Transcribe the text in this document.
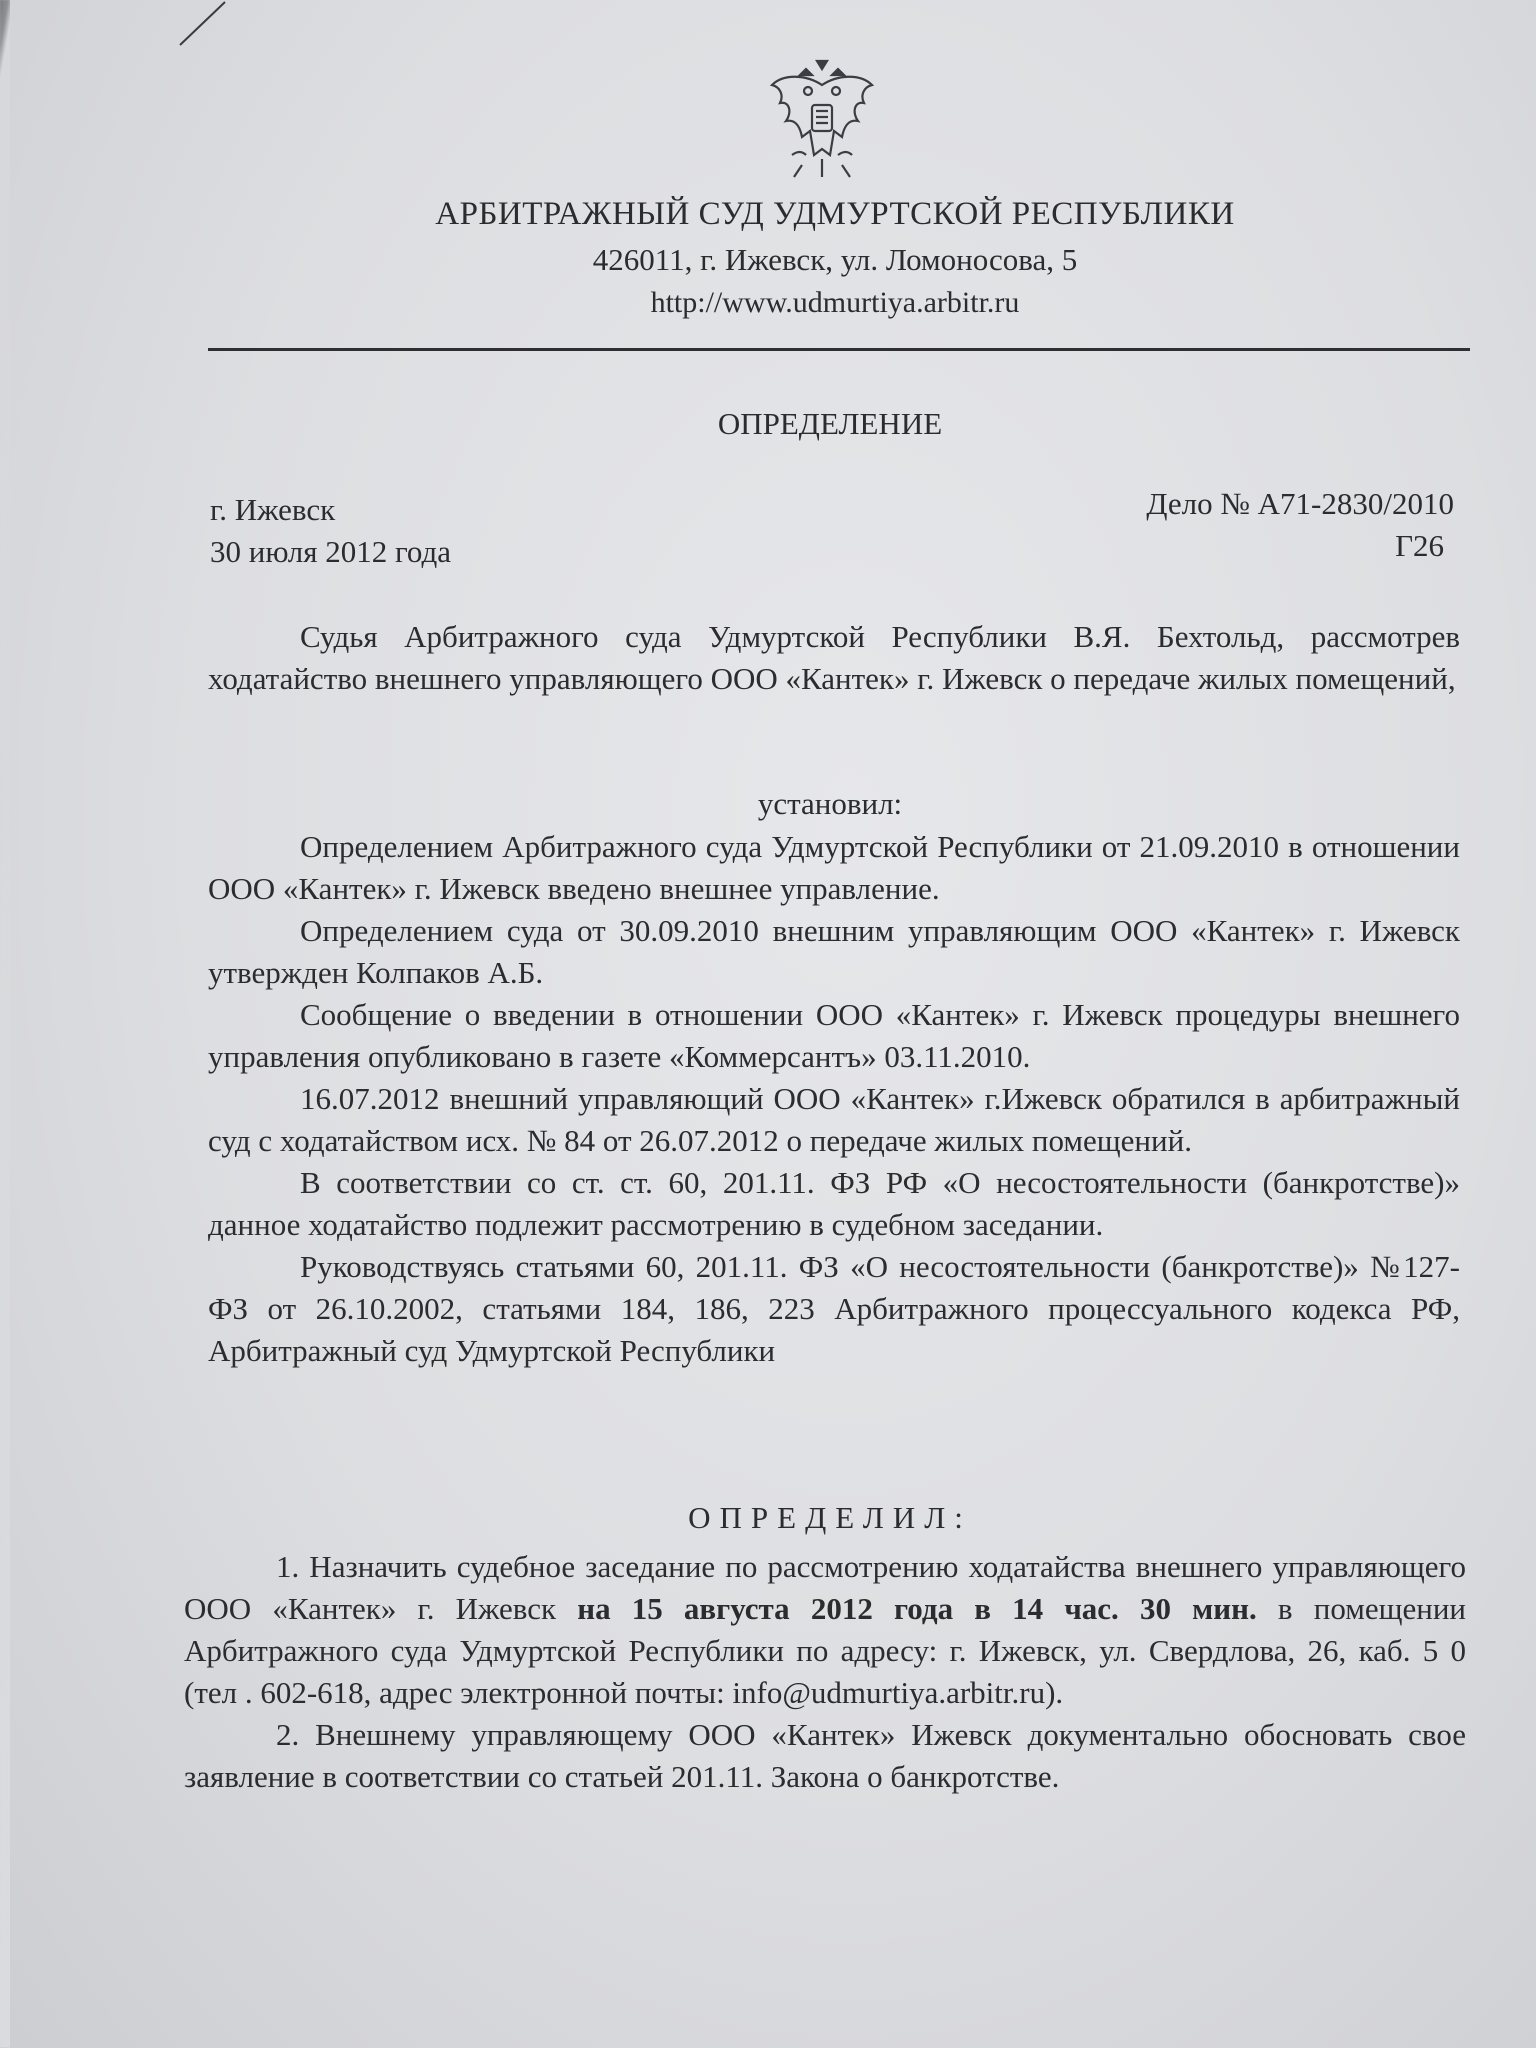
АРБИТРАЖНЫЙ СУД УДМУРТСКОЙ РЕСПУБЛИКИ
426011, г. Ижевск, ул. Ломоносова, 5
http://www.udmurtiya.arbitr.ru
ОПРЕДЕЛЕНИЕ
г. Ижевск
30 июля 2012 года
Дело № А71-2830/2010
Г26
Судья Арбитражного суда Удмуртской Республики В.Я. Бехтольд, рассмотрев ходатайство внешнего управляющего ООО «Кантек» г. Ижевск о передаче жилых помещений,
установил:
Определением Арбитражного суда Удмуртской Республики от 21.09.2010 в отношении ООО «Кантек» г. Ижевск введено внешнее управление.
Определением суда от 30.09.2010 внешним управляющим ООО «Кантек» г. Ижевск утвержден Колпаков А.Б.
Сообщение о введении в отношении ООО «Кантек» г. Ижевск процедуры внешнего управления опубликовано в газете «Коммерсантъ» 03.11.2010.
16.07.2012 внешний управляющий ООО «Кантек» г.Ижевск обратился в арбитражный суд с ходатайством исх. № 84 от 26.07.2012 о передаче жилых помещений.
В соответствии со ст. ст. 60, 201.11. ФЗ РФ «О несостоятельности (банкротстве)» данное ходатайство подлежит рассмотрению в судебном заседании.
Руководствуясь статьями 60, 201.11. ФЗ «О несостоятельности (банкротстве)» №127- ФЗ от 26.10.2002, статьями 184, 186, 223 Арбитражного процессуального кодекса РФ, Арбитражный суд Удмуртской Республики
ОПРЕДЕЛИЛ:
1. Назначить судебное заседание по рассмотрению ходатайства внешнего управляющего ООО «Кантек» г. Ижевск на 15 августа 2012 года в 14 час. 30 мин. в помещении Арбитражного суда Удмуртской Республики по адресу: г. Ижевск, ул. Свердлова, 26, каб. 5 0 (тел . 602-618, адрес электронной почты: info@udmurtiya.arbitr.ru).
2. Внешнему управляющему ООО «Кантек» Ижевск документально обосновать свое заявление в соответствии со статьей 201.11. Закона о банкротстве.
